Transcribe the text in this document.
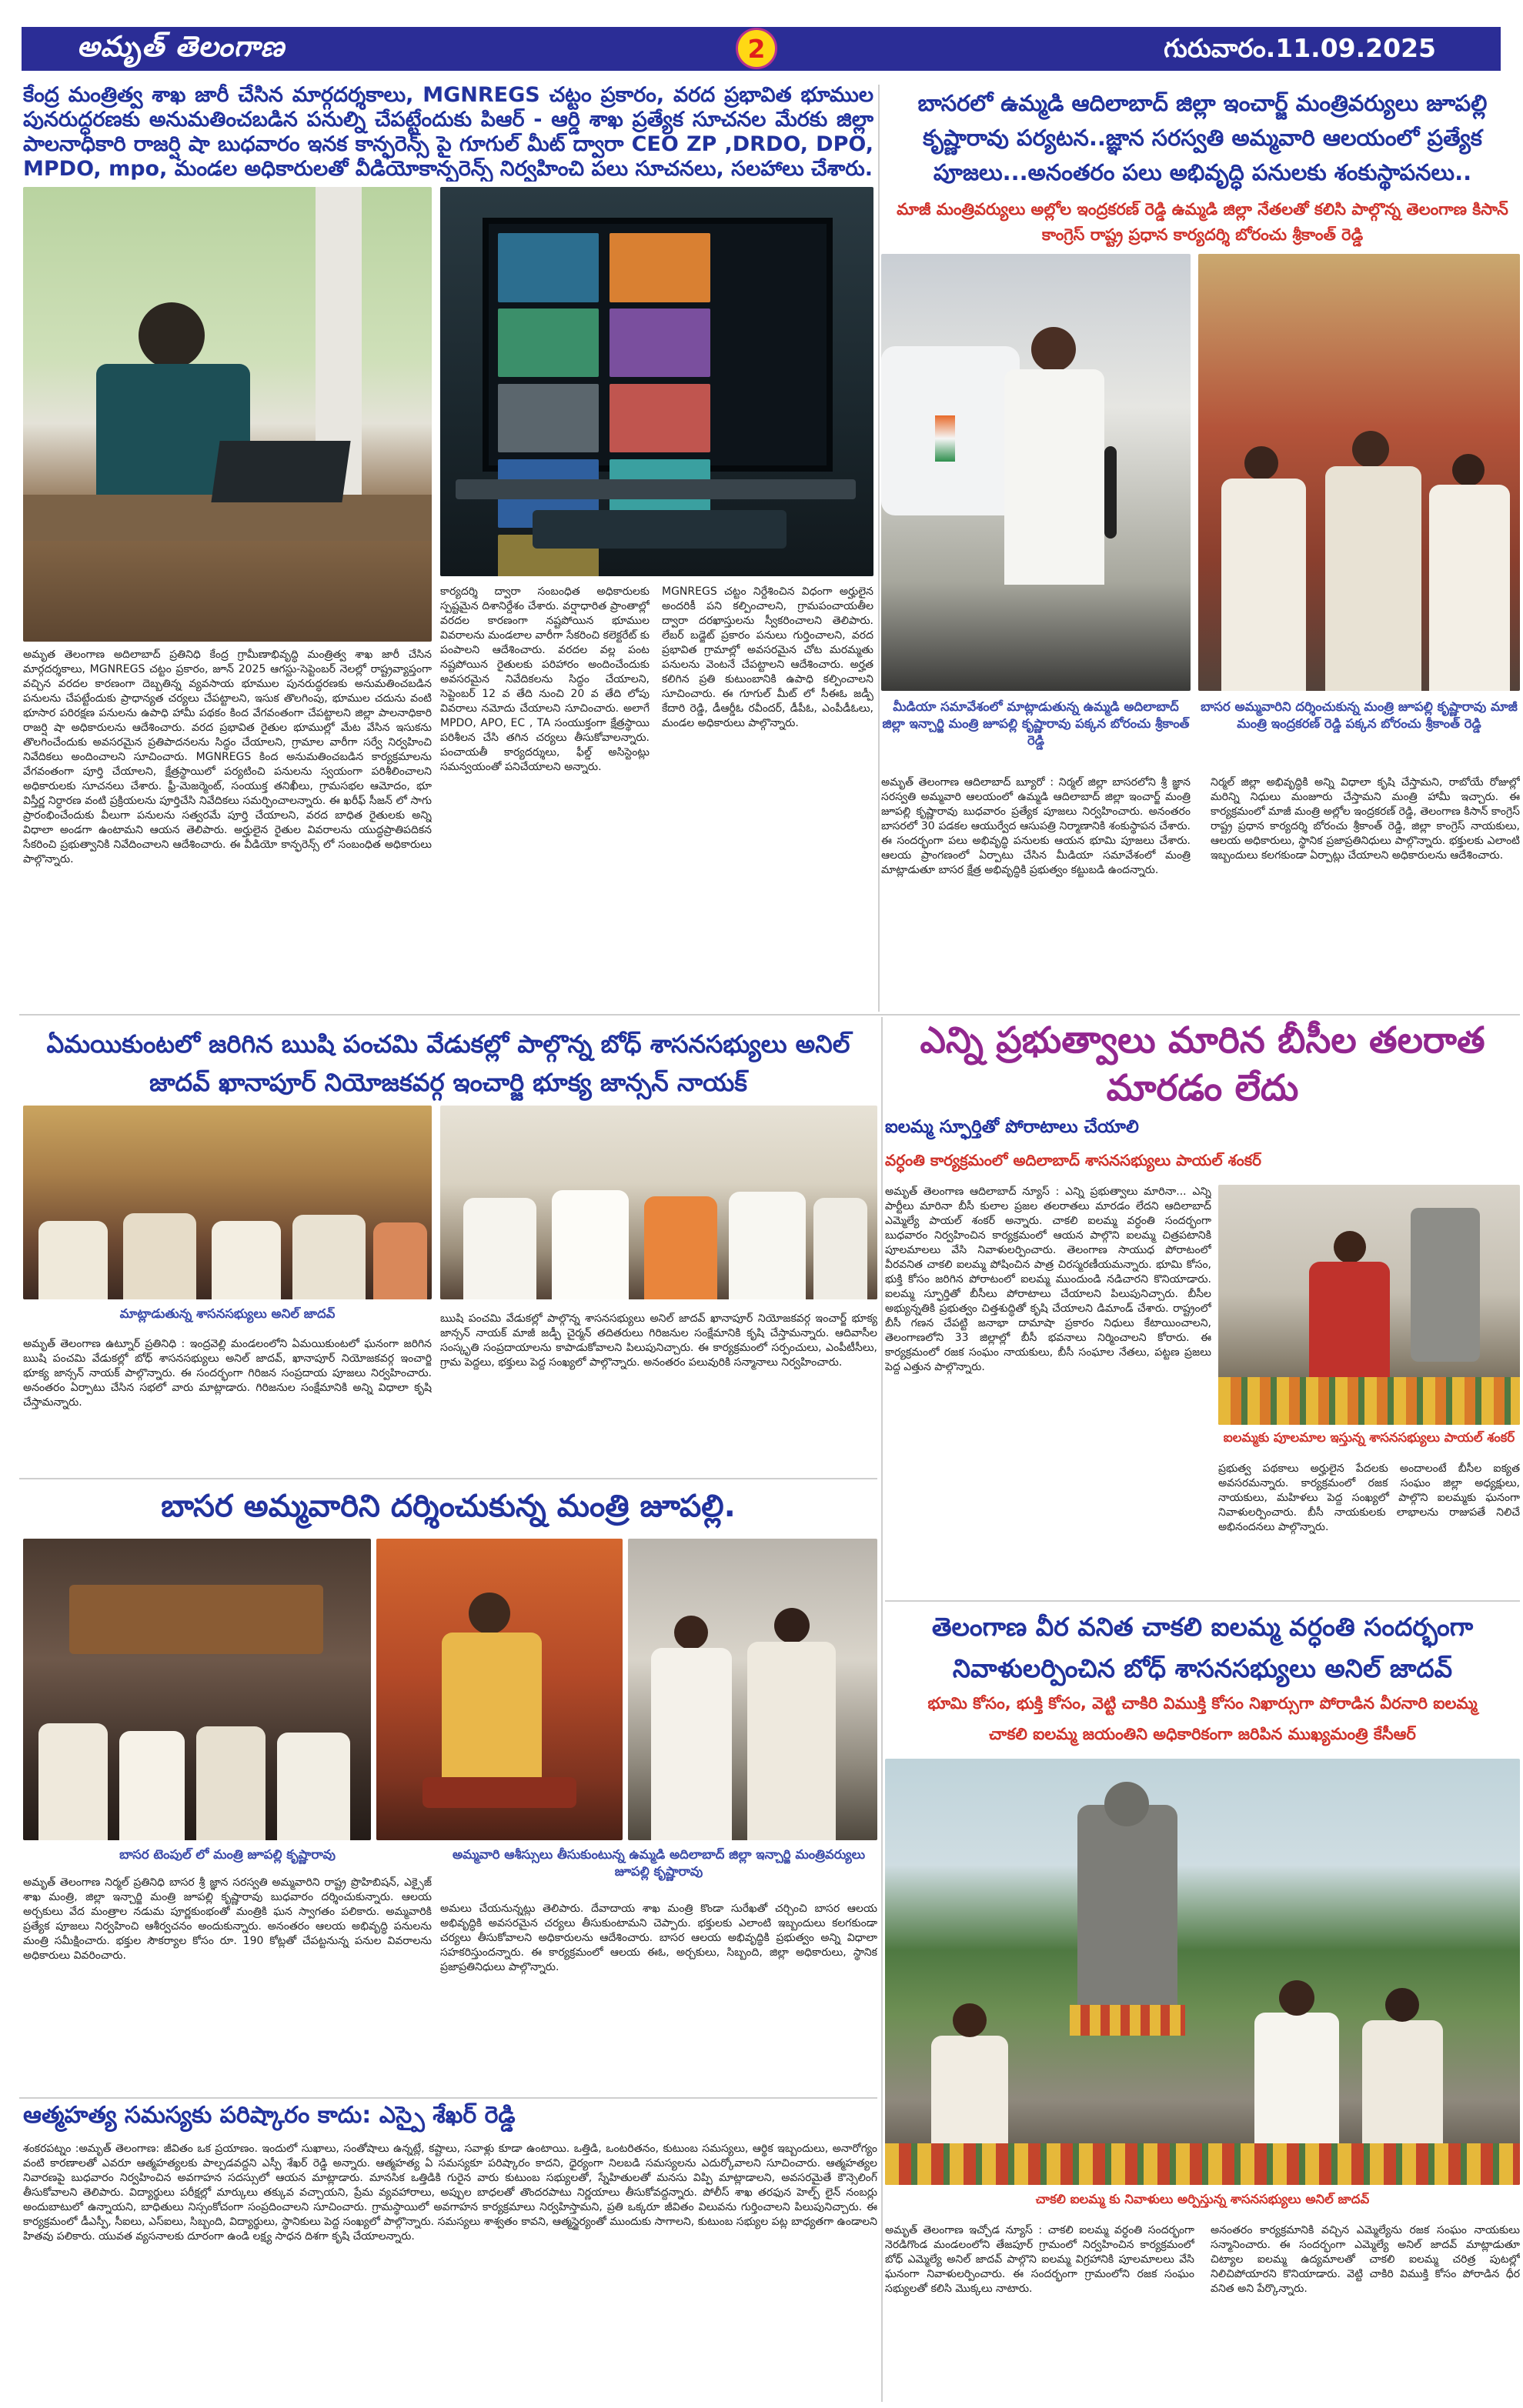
అమృత్ తెలంగాణ	2	గురువారం.11.09.2025
కేంద్ర మంత్రిత్వ శాఖ జారీ చేసిన మార్గదర్శకాలు, MGNREGS చట్టం ప్రకారం, వరద ప్రభావిత భూముల పునరుద్ధరణకు అనుమతించబడిన పనుల్ని చేపట్టేందుకు పిఆర్ - ఆర్డి శాఖ ప్రత్యేక సూచనల మేరకు జిల్లా పాలనాధికారి రాజర్షి షా బుధవారం ఇనక కాన్ఫరెన్స్ పై గూగుల్ మీట్ ద్వారా CEO ZP ,DRDO, DPO, MPDO, mpo, మండల అధికారులతో వీడియోకాన్ఫరెన్స్ నిర్వహించి పలు సూచనలు, సలహాలు చేశారు.

అమృత తెలంగాణ అదిలాబాద్ ప్రతినిధి కేంద్ర గ్రామీణాభివృద్ధి మంత్రిత్వ శాఖ జారీ చేసిన మార్గదర్శకాలు, MGNREGS చట్టం ప్రకారం, జూన్ 2025 ఆగస్టు-సెప్టెంబర్ నెలల్లో రాష్ట్రవ్యాప్తంగా వచ్చిన వరదల కారణంగా దెబ్బతిన్న వ్యవసాయ భూముల పునరుద్ధరణకు అనుమతించబడిన పనులను చేపట్టేందుకు ప్రాధాన్యత చర్యలు చేపట్టాలని, ఇసుక తొలగింపు, భూముల చదును వంటి భూసార పరిరక్షణ పనులను ఉపాధి హామీ పథకం కింద వేగవంతంగా చేపట్టాలని జిల్లా పాలనాధికారి రాజర్షి షా అధికారులను ఆదేశించారు. వరద ప్రభావిత రైతుల భూముల్లో మేట వేసిన ఇసుకను తొలగించేందుకు అవసరమైన ప్రతిపాదనలను సిద్ధం చేయాలని, గ్రామాల వారీగా సర్వే నిర్వహించి నివేదికలు అందించాలని సూచించారు. MGNREGS కింద అనుమతించబడిన కార్యక్రమాలను వేగవంతంగా పూర్తి చేయాలని, క్షేత్రస్థాయిలో పర్యటించి పనులను స్వయంగా పరిశీలించాలని అధికారులకు సూచనలు చేశారు. ఫ్రీ-మెజర్మెంట్, సంయుక్త తనిఖీలు, గ్రామసభల ఆమోదం, భూ విస్తీర్ణ నిర్ధారణ వంటి ప్రక్రియలను పూర్తిచేసి నివేదికలు సమర్పించాలన్నారు. ఈ ఖరీఫ్ సీజన్ లో సాగు ప్రారంభించేందుకు వీలుగా పనులను సత్వరమే పూర్తి చేయాలని, వరద బాధిత రైతులకు అన్ని విధాలా అండగా ఉంటామని ఆయన తెలిపారు. అర్హులైన రైతుల వివరాలను యుద్ధప్రాతిపదికన సేకరించి ప్రభుత్వానికి నివేదించాలని ఆదేశించారు. ఈ వీడియో కాన్ఫరెన్స్ లో సంబంధిత అధికారులు పాల్గొన్నారు.
కార్యదర్శి ద్వారా సంబంధిత అధికారులకు స్పష్టమైన దిశానిర్దేశం చేశారు. వర్షాధారిత ప్రాంతాల్లో వరదల కారణంగా నష్టపోయిన భూముల వివరాలను మండలాల వారీగా సేకరించి కలెక్టరేట్ కు పంపాలని ఆదేశించారు. వరదల వల్ల పంట నష్టపోయిన రైతులకు పరిహారం అందించేందుకు అవసరమైన నివేదికలను సిద్ధం చేయాలని, సెప్టెంబర్ 12 వ తేది నుంచి 20 వ తేది లోపు వివరాలు నమోదు చేయాలని సూచించారు. అలాగే MPDO, APO, EC , TA సంయుక్తంగా క్షేత్రస్థాయి పరిశీలన చేసి తగిన చర్యలు తీసుకోవాలన్నారు. పంచాయతీ కార్యదర్శులు, ఫీల్డ్ అసిస్టెంట్లు సమన్వయంతో పనిచేయాలని అన్నారు.
MGNREGS చట్టం నిర్దేశించిన విధంగా అర్హులైన అందరికీ పని కల్పించాలని, గ్రామపంచాయతీల ద్వారా దరఖాస్తులను స్వీకరించాలని తెలిపారు. లేబర్ బడ్జెట్ ప్రకారం పనులు గుర్తించాలని, వరద ప్రభావిత గ్రామాల్లో అవసరమైన చోట మరమ్మతు పనులను వెంటనే చేపట్టాలని ఆదేశించారు. అర్హత కలిగిన ప్రతి కుటుంబానికి ఉపాధి కల్పించాలని సూచించారు. ఈ గూగుల్ మీట్ లో సీఈఓ జడ్పీ కేదారి రెడ్డి, డీఆర్డీఓ రవీందర్, డీపీఓ, ఎంపీడీఓలు, మండల అధికారులు పాల్గొన్నారు.
బాసరలో ఉమ్మడి ఆదిలాబాద్ జిల్లా ఇంచార్జ్ మంత్రివర్యులు జూపల్లి కృష్ణారావు పర్యటన..జ్ఞాన సరస్వతి అమ్మవారి ఆలయంలో ప్రత్యేక పూజలు...అనంతరం పలు అభివృద్ధి పనులకు శంకుస్థాపనలు..
మాజీ మంత్రివర్యులు అల్లోల ఇంద్రకరణ్ రెడ్డి ఉమ్మడి జిల్లా నేతలతో కలిసి పాల్గొన్న తెలంగాణ కిసాన్ కాంగ్రెస్ రాష్ట్ర ప్రధాన కార్యదర్శి బోరంచు శ్రీకాంత్ రెడ్డి
మీడియా సమావేశంలో మాట్లాడుతున్న ఉమ్మడి అదిలాబాద్ జిల్లా ఇన్చార్జి మంత్రి జూపల్లి కృష్ణారావు పక్కన బోరంచు శ్రీకాంత్ రెడ్డి
బాసర అమ్మవారిని దర్శించుకున్న మంత్రి జూపల్లి కృష్ణారావు మాజీ మంత్రి ఇంద్రకరణ్ రెడ్డి పక్కన బోరంచు శ్రీకాంత్ రెడ్డి
అమృత్ తెలంగాణ ఆదిలాబాద్ బ్యూరో : నిర్మల్ జిల్లా బాసరలోని శ్రీ జ్ఞాన సరస్వతి అమ్మవారి ఆలయంలో ఉమ్మడి ఆదిలాబాద్ జిల్లా ఇంచార్జ్ మంత్రి జూపల్లి కృష్ణారావు బుధవారం ప్రత్యేక పూజలు నిర్వహించారు. అనంతరం బాసరలో 30 పడకల ఆయుర్వేద ఆసుపత్రి నిర్మాణానికి శంకుస్థాపన చేశారు. ఈ సందర్భంగా పలు అభివృద్ధి పనులకు ఆయన భూమి పూజలు చేశారు. ఆలయ ప్రాంగణంలో ఏర్పాటు చేసిన మీడియా సమావేశంలో మంత్రి మాట్లాడుతూ బాసర క్షేత్ర అభివృద్ధికి ప్రభుత్వం కట్టుబడి ఉందన్నారు.
నిర్మల్ జిల్లా అభివృద్ధికి అన్ని విధాలా కృషి చేస్తామని, రాబోయే రోజుల్లో మరిన్ని నిధులు మంజూరు చేస్తామని మంత్రి హామీ ఇచ్చారు. ఈ కార్యక్రమంలో మాజీ మంత్రి అల్లోల ఇంద్రకరణ్ రెడ్డి, తెలంగాణ కిసాన్ కాంగ్రెస్ రాష్ట్ర ప్రధాన కార్యదర్శి బోరంచు శ్రీకాంత్ రెడ్డి, జిల్లా కాంగ్రెస్ నాయకులు, ఆలయ అధికారులు, స్థానిక ప్రజాప్రతినిధులు పాల్గొన్నారు. భక్తులకు ఎలాంటి ఇబ్బందులు కలగకుండా ఏర్పాట్లు చేయాలని అధికారులను ఆదేశించారు.
ఏమయికుంటలో జరిగిన ఋషి పంచమి వేడుకల్లో పాల్గొన్న బోధ్ శాసనసభ్యులు అనిల్ జాదవ్ ఖానాపూర్ నియోజకవర్గ ఇంచార్జి భూక్య జాన్సన్ నాయక్
మాట్లాడుతున్న శాసనసభ్యులు అనిల్ జాదవ్
అమృత్ తెలంగాణ ఉట్నూర్ ప్రతినిధి : ఇంద్రవెల్లి మండలంలోని ఏమయికుంటలో ఘనంగా జరిగిన ఋషి పంచమి వేడుకల్లో బోధ్ శాసనసభ్యులు అనిల్ జాదవ్, ఖానాపూర్ నియోజకవర్గ ఇంచార్జి భూక్య జాన్సన్ నాయక్ పాల్గొన్నారు. ఈ సందర్భంగా గిరిజన సంప్రదాయ పూజలు నిర్వహించారు. అనంతరం ఏర్పాటు చేసిన సభలో వారు మాట్లాడారు. గిరిజనుల సంక్షేమానికి అన్ని విధాలా కృషి చేస్తామన్నారు.
ఋషి పంచమి వేడుకల్లో పాల్గొన్న శాసనసభ్యులు అనిల్ జాదవ్ ఖానాపూర్ నియోజకవర్గ ఇంచార్జ్ భూక్య జాన్సన్ నాయక్ మాజీ జడ్పీ చైర్మన్ తదితరులు గిరిజనుల సంక్షేమానికి కృషి చేస్తామన్నారు. ఆదివాసీల సంస్కృతి సంప్రదాయాలను కాపాడుకోవాలని పిలుపునిచ్చారు. ఈ కార్యక్రమంలో సర్పంచులు, ఎంపీటీసీలు, గ్రామ పెద్దలు, భక్తులు పెద్ద సంఖ్యలో పాల్గొన్నారు. అనంతరం పలువురికి సన్మానాలు నిర్వహించారు.
ఎన్ని ప్రభుత్వాలు మారిన బీసీల తలరాత మారడం లేదు
ఐలమ్మ స్ఫూర్తితో పోరాటాలు చేయాలి
వర్ధంతి కార్యక్రమంలో అదిలాబాద్ శాసనసభ్యులు పాయల్ శంకర్
ఐలమ్మకు పూలమాల ఇస్తున్న శాసనసభ్యులు పాయల్ శంకర్
అమృత్ తెలంగాణ ఆదిలాబాద్ న్యూస్ : ఎన్ని ప్రభుత్వాలు మారినా... ఎన్ని పార్టీలు మారినా బీసీ కులాల ప్రజల తలరాతలు మారడం లేదని ఆదిలాబాద్ ఎమ్మెల్యే పాయల్ శంకర్ అన్నారు. చాకలి ఐలమ్మ వర్ధంతి సందర్భంగా బుధవారం నిర్వహించిన కార్యక్రమంలో ఆయన పాల్గొని ఐలమ్మ చిత్రపటానికి పూలమాలలు వేసి నివాళులర్పించారు. తెలంగాణ సాయుధ పోరాటంలో వీరవనిత చాకలి ఐలమ్మ పోషించిన పాత్ర చిరస్మరణీయమన్నారు. భూమి కోసం, భుక్తి కోసం జరిగిన పోరాటంలో ఐలమ్మ ముందుండి నడిచారని కొనియాడారు. ఐలమ్మ స్ఫూర్తితో బీసీలు పోరాటాలు చేయాలని పిలుపునిచ్చారు. బీసీల అభ్యున్నతికి ప్రభుత్వం చిత్తశుద్ధితో కృషి చేయాలని డిమాండ్ చేశారు. రాష్ట్రంలో బీసీ గణన చేపట్టి జనాభా దామాషా ప్రకారం నిధులు కేటాయించాలని, తెలంగాణలోని 33 జిల్లాల్లో బీసీ భవనాలు నిర్మించాలని కోరారు. ఈ కార్యక్రమంలో రజక సంఘం నాయకులు, బీసీ సంఘాల నేతలు, పట్టణ ప్రజలు పెద్ద ఎత్తున పాల్గొన్నారు.
ప్రభుత్వ పథకాలు అర్హులైన పేదలకు అందాలంటే బీసీల ఐక్యత అవసరమన్నారు. కార్యక్రమంలో రజక సంఘం జిల్లా అధ్యక్షులు, నాయకులు, మహిళలు పెద్ద సంఖ్యలో పాల్గొని ఐలమ్మకు ఘనంగా నివాళులర్పించారు. బీసీ నాయకులకు లాభాలను రాజుపతే నిలిచే అభినందనలు పాల్గొన్నారు.
బాసర అమ్మవారిని దర్శించుకున్న మంత్రి జూపల్లి.
బాసర టెంపుల్ లో మంత్రి జూపల్లి కృష్ణారావు
అమృత్ తెలంగాణ నిర్మల్ ప్రతినిధి బాసర శ్రీ జ్ఞాన సరస్వతి అమ్మవారిని రాష్ట్ర ప్రొహిబిషన్, ఎక్సైజ్ శాఖ మంత్రి, జిల్లా ఇన్చార్జి మంత్రి జూపల్లి కృష్ణారావు బుధవారం దర్శించుకున్నారు. ఆలయ అర్చకులు వేద మంత్రాల నడుమ పూర్ణకుంభంతో మంత్రికి ఘన స్వాగతం పలికారు. అమ్మవారికి ప్రత్యేక పూజలు నిర్వహించి ఆశీర్వచనం అందుకున్నారు. అనంతరం ఆలయ అభివృద్ధి పనులను మంత్రి సమీక్షించారు. భక్తుల సౌకర్యాల కోసం రూ. 190 కోట్లతో చేపట్టనున్న పనుల వివరాలను అధికారులు వివరించారు.
అమ్మవారి ఆశీస్సులు తీసుకుంటున్న ఉమ్మడి అదిలాబాద్ జిల్లా ఇన్చార్జి మంత్రివర్యులు జూపల్లి కృష్ణారావు
అమలు చేయనున్నట్లు తెలిపారు. దేవాదాయ శాఖ మంత్రి కొండా సురేఖతో చర్చించి బాసర ఆలయ అభివృద్ధికి అవసరమైన చర్యలు తీసుకుంటామని చెప్పారు. భక్తులకు ఎలాంటి ఇబ్బందులు కలగకుండా చర్యలు తీసుకోవాలని అధికారులను ఆదేశించారు. బాసర ఆలయ అభివృద్ధికి ప్రభుత్వం అన్ని విధాలా సహకరిస్తుందన్నారు. ఈ కార్యక్రమంలో ఆలయ ఈఓ, అర్చకులు, సిబ్బంది, జిల్లా అధికారులు, స్థానిక ప్రజాప్రతినిధులు పాల్గొన్నారు.
ఆత్మహత్య సమస్యకు పరిష్కారం కాదు: ఎస్పై శేఖర్ రెడ్డి
శంకరపట్నం :అమృత్ తెలంగాణ: జీవితం ఒక ప్రయాణం. ఇందులో సుఖాలు, సంతోషాలు ఉన్నట్లే, కష్టాలు, సవాళ్లు కూడా ఉంటాయి. ఒత్తిడి, ఒంటరితనం, కుటుంబ సమస్యలు, ఆర్థిక ఇబ్బందులు, అనారోగ్యం వంటి కారణాలతో ఎవరూ ఆత్మహత్యలకు పాల్పడవద్దని ఎస్పీ శేఖర్ రెడ్డి అన్నారు. ఆత్మహత్య ఏ సమస్యకూ పరిష్కారం కాదని, ధైర్యంగా నిలబడి సమస్యలను ఎదుర్కోవాలని సూచించారు. ఆత్మహత్యల నివారణపై బుధవారం నిర్వహించిన అవగాహన సదస్సులో ఆయన మాట్లాడారు. మానసిక ఒత్తిడికి గురైన వారు కుటుంబ సభ్యులతో, స్నేహితులతో మనసు విప్పి మాట్లాడాలని, అవసరమైతే కౌన్సెలింగ్ తీసుకోవాలని తెలిపారు. విద్యార్థులు పరీక్షల్లో మార్కులు తక్కువ వచ్చాయని, ప్రేమ వ్యవహారాలు, అప్పుల బాధలతో తొందరపాటు నిర్ణయాలు తీసుకోవద్దన్నారు. పోలీస్ శాఖ తరఫున హెల్ప్ లైన్ నంబర్లు అందుబాటులో ఉన్నాయని, బాధితులు నిస్సంకోచంగా సంప్రదించాలని సూచించారు. గ్రామస్థాయిలో అవగాహన కార్యక్రమాలు నిర్వహిస్తామని, ప్రతి ఒక్కరూ జీవితం విలువను గుర్తించాలని పిలుపునిచ్చారు. ఈ కార్యక్రమంలో డీఎస్పీ, సీఐలు, ఎస్ఐలు, సిబ్బంది, విద్యార్థులు, స్థానికులు పెద్ద సంఖ్యలో పాల్గొన్నారు. సమస్యలు శాశ్వతం కావని, ఆత్మస్థైర్యంతో ముందుకు సాగాలని, కుటుంబ సభ్యుల పట్ల బాధ్యతగా ఉండాలని హితవు పలికారు. యువత వ్యసనాలకు దూరంగా ఉండి లక్ష్య సాధన దిశగా కృషి చేయాలన్నారు.
తెలంగాణ వీర వనిత చాకలి ఐలమ్మ వర్ధంతి సందర్భంగా నివాళులర్పించిన బోధ్ శాసనసభ్యులు అనిల్ జాదవ్
భూమి కోసం, భుక్తి కోసం, వెట్టి చాకిరి విముక్తి కోసం నిఖార్సుగా పోరాడిన వీరనారి ఐలమ్మ
చాకలి ఐలమ్మ జయంతిని అధికారికంగా జరిపిన ముఖ్యమంత్రి కేసీఆర్
చాకలి ఐలమ్మ కు నివాళులు అర్పిస్తున్న శాసనసభ్యులు అనిల్ జాదవ్
అమృత్ తెలంగాణ ఇచ్చోడ న్యూస్ : చాకలి ఐలమ్మ వర్ధంతి సందర్భంగా నెరడిగొండ మండలంలోని తేజపూర్ గ్రామంలో నిర్వహించిన కార్యక్రమంలో బోధ్ ఎమ్మెల్యే అనిల్ జాదవ్ పాల్గొని ఐలమ్మ విగ్రహానికి పూలమాలలు వేసి ఘనంగా నివాళులర్పించారు. ఈ సందర్భంగా గ్రామంలోని రజక సంఘం సభ్యులతో కలిసి మొక్కలు నాటారు.
అనంతరం కార్యక్రమానికి వచ్చిన ఎమ్మెల్యేను రజక సంఘం నాయకులు సన్మానించారు. ఈ సందర్భంగా ఎమ్మెల్యే అనిల్ జాదవ్ మాట్లాడుతూ చిట్యాల ఐలమ్మ ఉద్యమాలతో చాకలి ఐలమ్మ చరిత్ర పుటల్లో నిలిచిపోయారని కొనియాడారు. వెట్టి చాకిరి విముక్తి కోసం పోరాడిన ధీర వనిత అని పేర్కొన్నారు.
